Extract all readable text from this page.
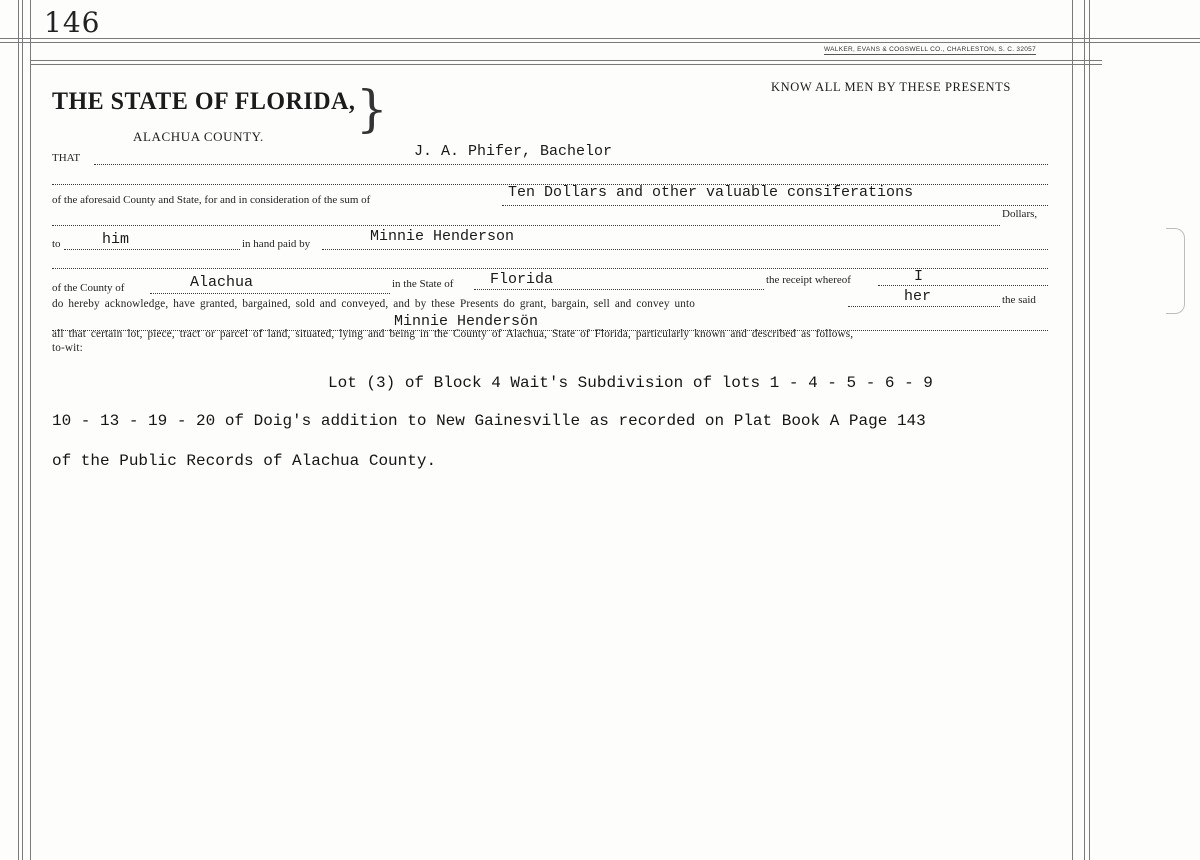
146
WALKER, EVANS & COGSWELL CO., CHARLESTON, S. C. 32057
THE STATE OF FLORIDA, }
ALACHUA COUNTY.
KNOW ALL MEN BY THESE PRESENTS
THAT	J. A. Phifer, Bachelor
of the aforesaid County and State, for and in consideration of the sum of	Ten Dollars and other valuable consiferations
Dollars,
to	him	in hand paid by	Minnie Henderson
of the County of	Alachua	in the State of Florida	the receipt whereof	I
do hereby acknowledge, have granted, bargained, sold and conveyed, and by these Presents do grant, bargain, sell and convey unto	her	the said
Minnie Hendersön
all that certain lot, piece, tract or parcel of land, situated, lying and being in the County of Alachua, State of Florida, particularly known and described as follows,
to-wit:
Lot (3) of Block 4 Wait's Subdivision of lots 1 - 4 - 5 - 6 - 9
10 - 13 - 19 - 20 of Doig's addition to New Gainesville as recorded on Plat Book A Page 143
of the Public Records of Alachua County.
